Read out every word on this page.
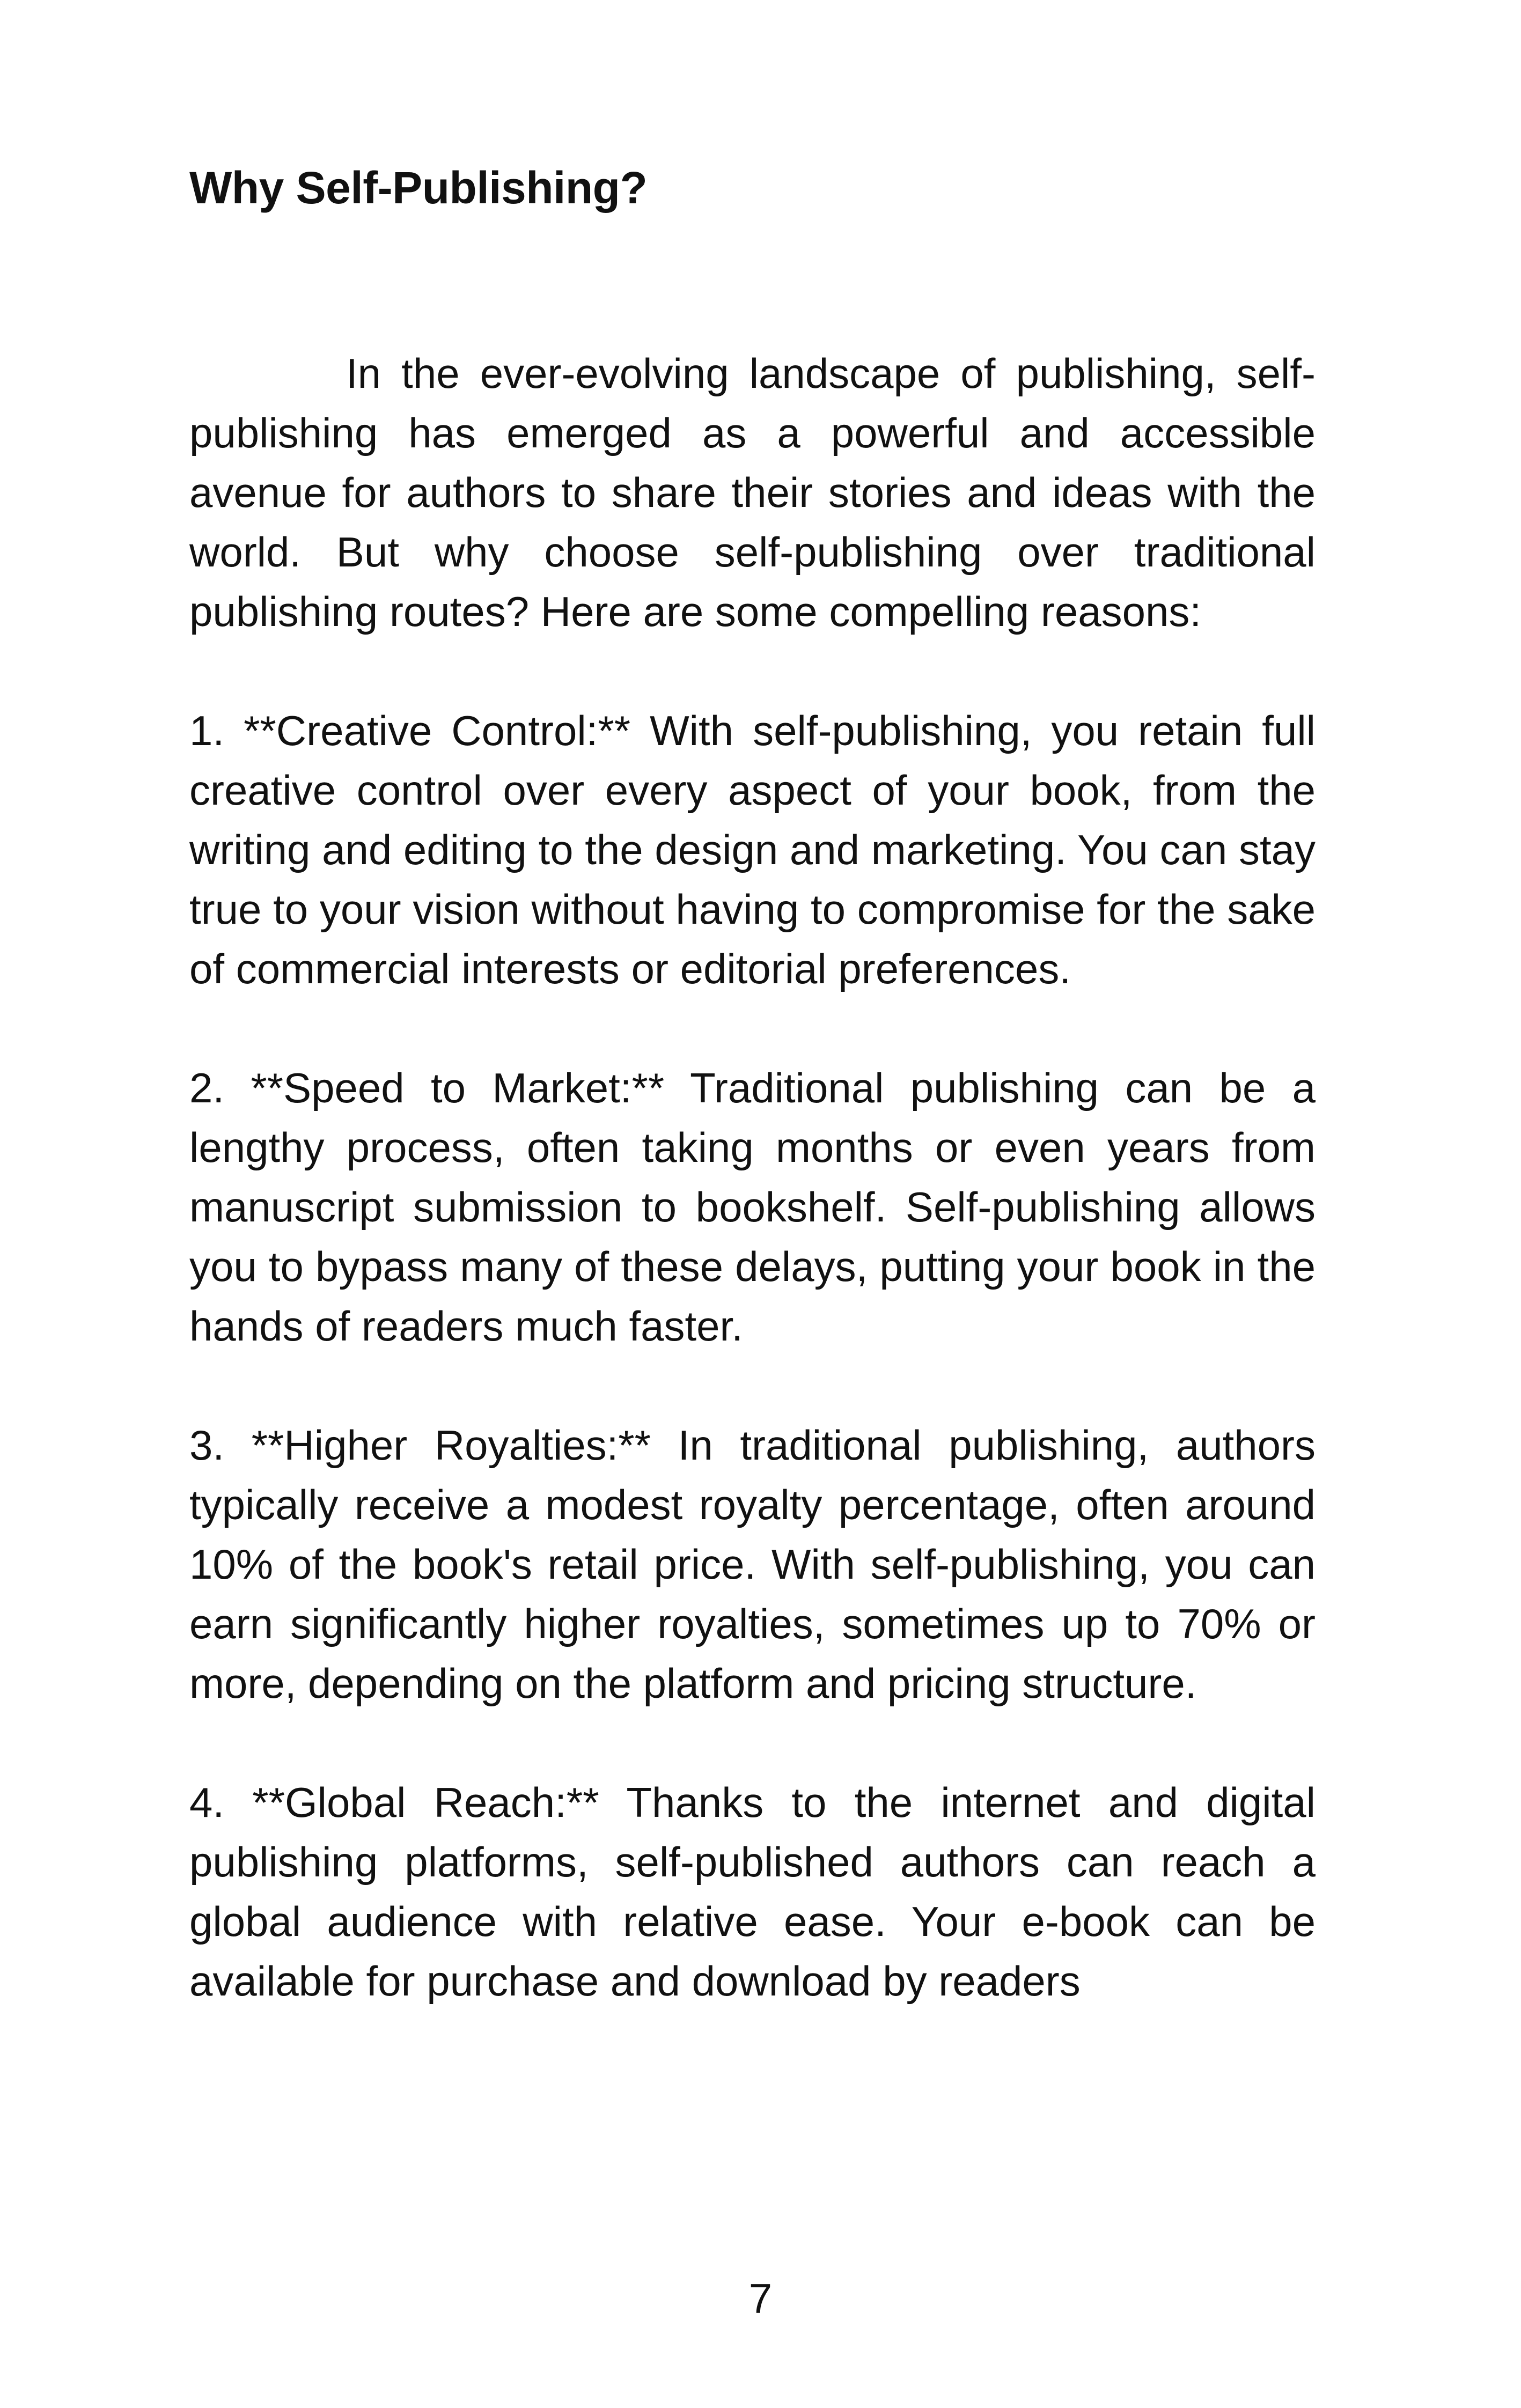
Why Self-Publishing?

In the ever-evolving landscape of publishing, self-publishing has emerged as a powerful and accessible avenue for authors to share their stories and ideas with the world. But why choose self-publishing over traditional publishing routes? Here are some compelling reasons:

1. **Creative Control:** With self-publishing, you retain full creative control over every aspect of your book, from the writing and editing to the design and marketing. You can stay true to your vision without having to compromise for the sake of commercial interests or editorial preferences.

2. **Speed to Market:** Traditional publishing can be a lengthy process, often taking months or even years from manuscript submission to bookshelf. Self-publishing allows you to bypass many of these delays, putting your book in the hands of readers much faster.

3. **Higher Royalties:** In traditional publishing, authors typically receive a modest royalty percentage, often around 10% of the book's retail price. With self-publishing, you can earn significantly higher royalties, sometimes up to 70% or more, depending on the platform and pricing structure.

4. **Global Reach:** Thanks to the internet and digital publishing platforms, self-published authors can reach a global audience with relative ease. Your e-book can be available for purchase and download by readers

7
